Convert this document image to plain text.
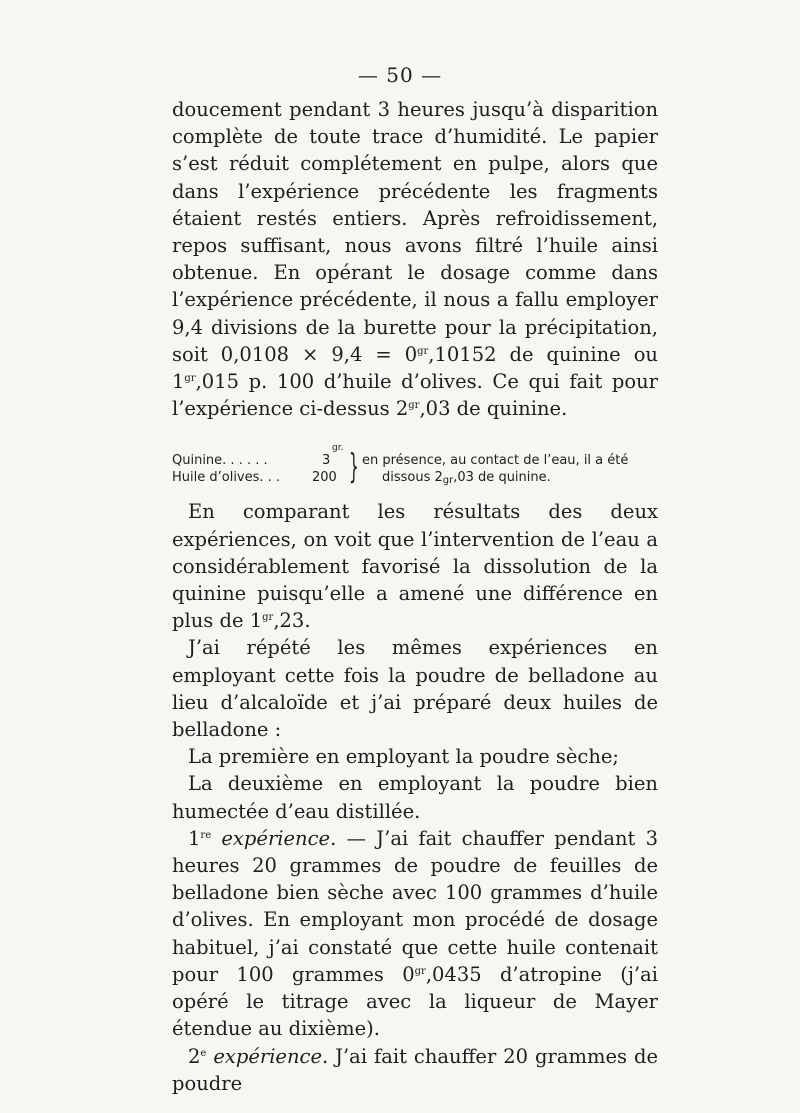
— 50 —

doucement pendant 3 heures jusqu’à disparition complète de toute trace d’humidité. Le papier s’est réduit complétement en pulpe, alors que dans l’expérience précédente les fragments étaient restés entiers. Après refroidissement, repos suffisant, nous avons filtré l’huile ainsi obtenue. En opérant le dosage comme dans l’expérience précédente, il nous a fallu employer 9,4 divisions de la burette pour la précipitation, soit $0,0108 \times 9,4 = 0^{gr},10152$ de quinine ou $1^{gr},015$ p. 100 d’huile d’olives. Ce qui fait pour l’expérience ci-dessus $2^{gr},03$ de quinine.

gr.
Quinine. . . . . .	3
Huile d’olives. . . 200 } en présence, au contact de l’eau, il a été
dissous $2_{gr},03$ de quinine.

En comparant les résultats des deux expériences, on voit que l’intervention de l’eau a considérablement favorisé la dissolution de la quinine puisqu’elle a amené une différence en plus de $1^{gr},23$.

J’ai répété les mêmes expériences en employant cette fois la poudre de belladone au lieu d’alcaloïde et j’ai préparé deux huiles de belladone :

La première en employant la poudre sèche;

La deuxième en employant la poudre bien humectée d’eau distillée.

1re expérience. — J’ai fait chauffer pendant 3 heures 20 grammes de poudre de feuilles de belladone bien sèche avec 100 grammes d’huile d’olives. En employant mon procédé de dosage habituel, j’ai constaté que cette huile contenait pour 100 grammes $0^{gr},0435$ d’atropine (j’ai opéré le titrage avec la liqueur de Mayer étendue au dixième).

2e expérience. J’ai fait chauffer 20 grammes de poudre
